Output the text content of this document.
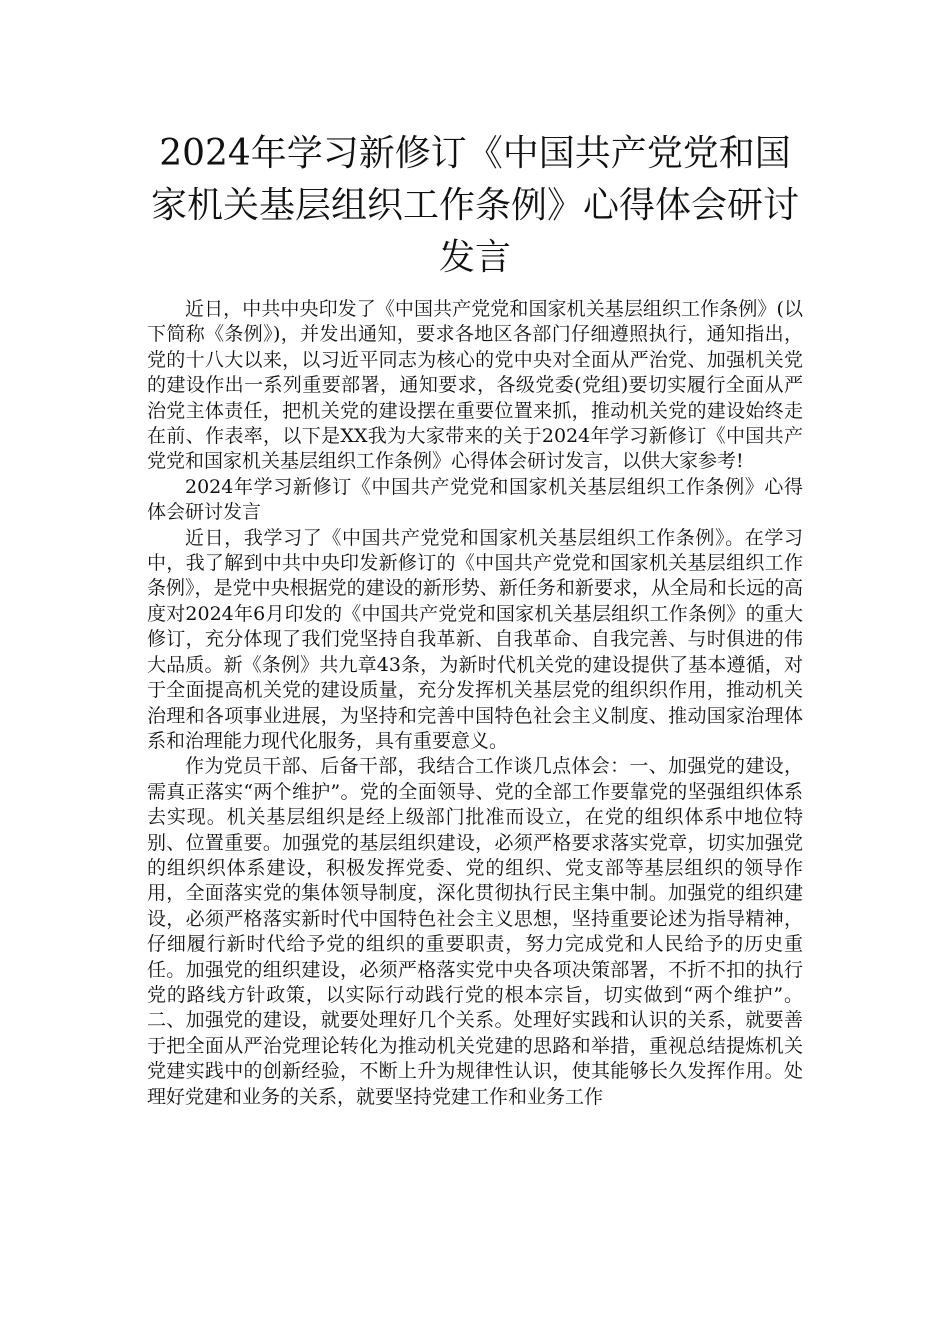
2024年学习新修订《中国共产党党和国家机关基层组织工作条例》心得体会研讨发言

近日，中共中央印发了《中国共产党党和国家机关基层组织工作条例》(以下简称《条例》)，并发出通知，要求各地区各部门仔细遵照执行，通知指出，党的十八大以来，以习近平同志为核心的党中央对全面从严治党、加强机关党的建设作出一系列重要部署，通知要求，各级党委(党组)要切实履行全面从严治党主体责任，把机关党的建设摆在重要位置来抓，推动机关党的建设始终走在前、作表率，以下是XX我为大家带来的关于2024年学习新修订《中国共产党党和国家机关基层组织工作条例》心得体会研讨发言，以供大家参考!

2024年学习新修订《中国共产党党和国家机关基层组织工作条例》心得体会研讨发言

近日，我学习了《中国共产党党和国家机关基层组织工作条例》。在学习中，我了解到中共中央印发新修订的《中国共产党党和国家机关基层组织工作条例》，是党中央根据党的建设的新形势、新任务和新要求，从全局和长远的高度对2024年6月印发的《中国共产党党和国家机关基层组织工作条例》的重大修订，充分体现了我们党坚持自我革新、自我革命、自我完善、与时俱进的伟大品质。新《条例》共九章43条，为新时代机关党的建设提供了基本遵循，对于全面提高机关党的建设质量，充分发挥机关基层党的组织织作用，推动机关治理和各项事业进展，为坚持和完善中国特色社会主义制度、推动国家治理体系和治理能力现代化服务，具有重要意义。

作为党员干部、后备干部，我结合工作谈几点体会：一、加强党的建设，需真正落实“两个维护”。党的全面领导、党的全部工作要靠党的坚强组织体系去实现。机关基层组织是经上级部门批准而设立，在党的组织体系中地位特别、位置重要。加强党的基层组织建设，必须严格要求落实党章，切实加强党的组织织体系建设，积极发挥党委、党的组织、党支部等基层组织的领导作用，全面落实党的集体领导制度，深化贯彻执行民主集中制。加强党的组织建设，必须严格落实新时代中国特色社会主义思想，坚持重要论述为指导精神，仔细履行新时代给予党的组织的重要职责，努力完成党和人民给予的历史重任。加强党的组织建设，必须严格落实党中央各项决策部署，不折不扣的执行党的路线方针政策，以实际行动践行党的根本宗旨，切实做到“两个维护”。 二、加强党的建设，就要处理好几个关系。处理好实践和认识的关系，就要善于把全面从严治党理论转化为推动机关党建的思路和举措，重视总结提炼机关党建实践中的创新经验，不断上升为规律性认识，使其能够长久发挥作用。处理好党建和业务的关系，就要坚持党建工作和业务工作
